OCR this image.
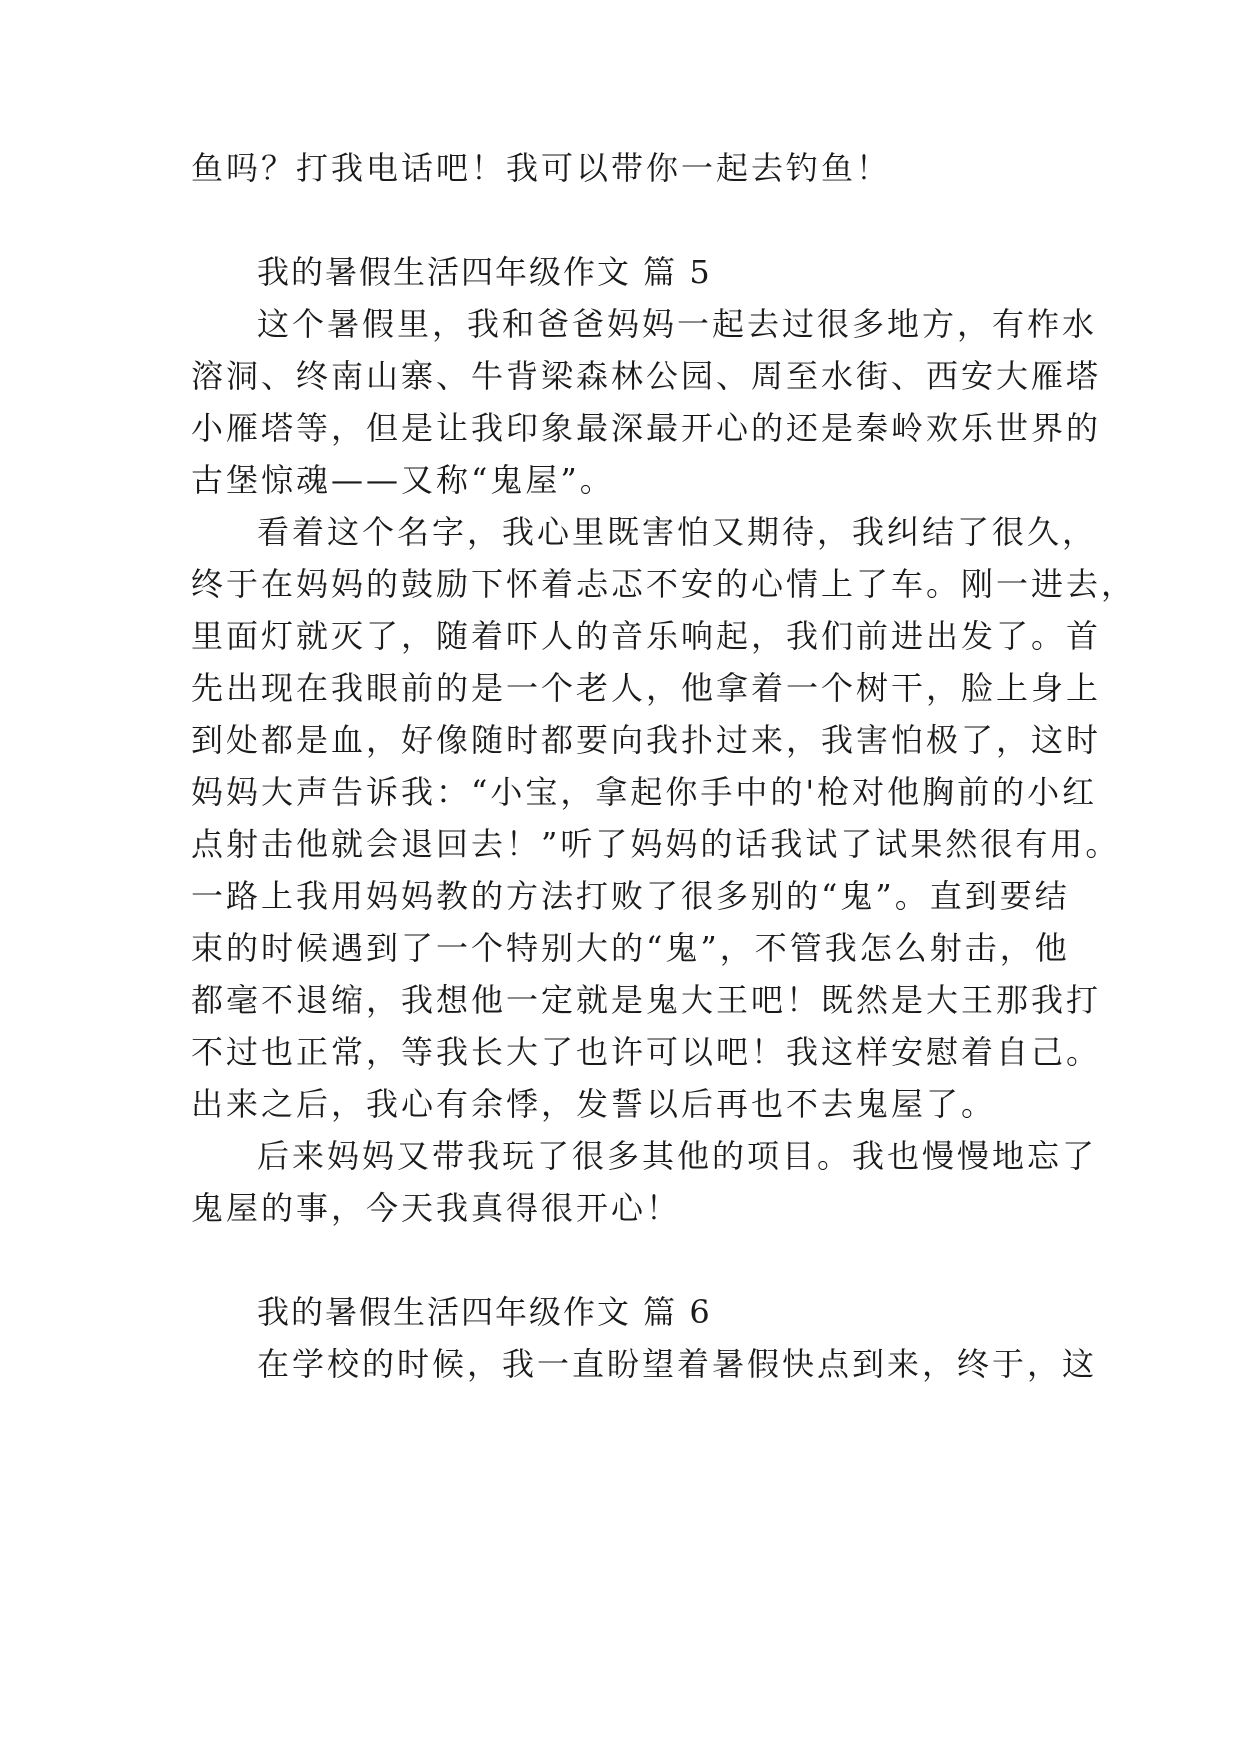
鱼吗？打我电话吧！我可以带你一起去钓鱼！
我的暑假生活四年级作文 篇 5
这个暑假里，我和爸爸妈妈一起去过很多地方，有柞水
溶洞、终南山寨、牛背梁森林公园、周至水街、西安大雁塔
小雁塔等，但是让我印象最深最开心的还是秦岭欢乐世界的
古堡惊魂——又称“鬼屋”。
看着这个名字，我心里既害怕又期待，我纠结了很久，
终于在妈妈的鼓励下怀着忐忑不安的心情上了车。刚一进去，
里面灯就灭了，随着吓人的音乐响起，我们前进出发了。首
先出现在我眼前的是一个老人，他拿着一个树干，脸上身上
到处都是血，好像随时都要向我扑过来，我害怕极了，这时
妈妈大声告诉我：“小宝，拿起你手中的'枪对他胸前的小红
点射击他就会退回去！”听了妈妈的话我试了试果然很有用。
一路上我用妈妈教的方法打败了很多别的“鬼”。直到要结
束的时候遇到了一个特别大的“鬼”，不管我怎么射击，他
都毫不退缩，我想他一定就是鬼大王吧！既然是大王那我打
不过也正常，等我长大了也许可以吧！我这样安慰着自己。
出来之后，我心有余悸，发誓以后再也不去鬼屋了。
后来妈妈又带我玩了很多其他的项目。我也慢慢地忘了
鬼屋的事，今天我真得很开心！
我的暑假生活四年级作文 篇 6
在学校的时候，我一直盼望着暑假快点到来，终于，这
